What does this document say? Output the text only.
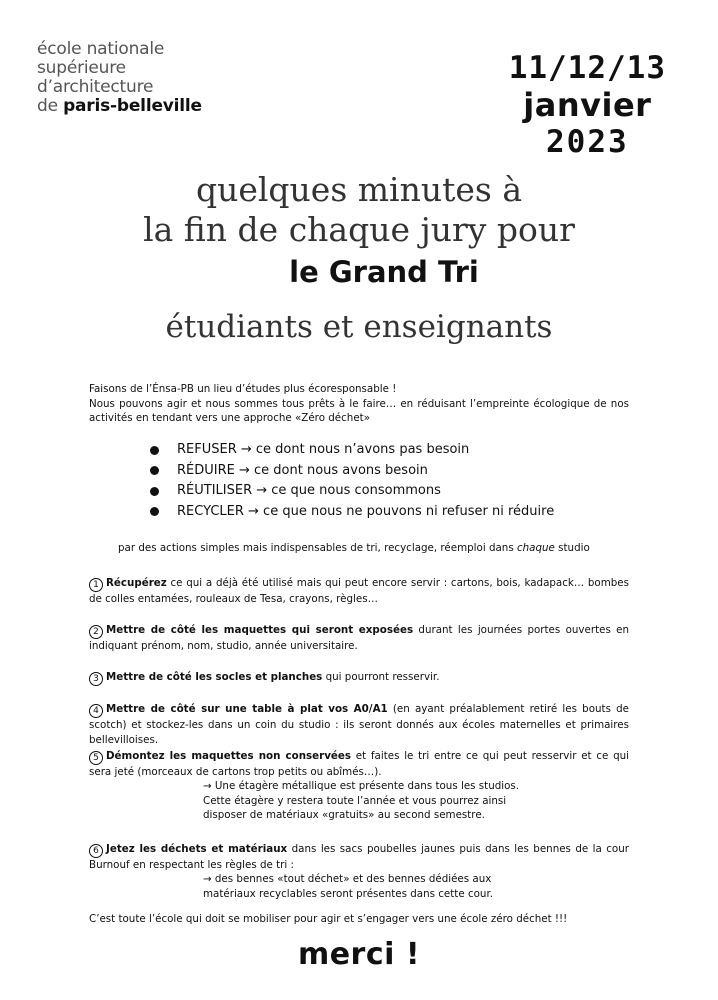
école nationale
supérieure
d’architecture
de paris-belleville
11/12/13
janvier
2023
quelques minutes à
la fin de chaque jury pour
le Grand Tri
étudiants et enseignants
Faisons de l’Énsa-PB un lieu d’études plus écoresponsable !
Nous pouvons agir et nous sommes tous prêts à le faire… en réduisant l’empreinte écologique de nos activités en tendant vers une approche «Zéro déchet»
REFUSER → ce dont nous n’avons pas besoin
RÉDUIRE → ce dont nous avons besoin
RÉUTILISER → ce que nous consommons
RECYCLER → ce que nous ne pouvons ni refuser ni réduire
par des actions simples mais indispensables de tri, recyclage, réemploi dans chaque studio
1 Récupérez ce qui a déjà été utilisé mais qui peut encore servir : cartons, bois, kadapack… bombes de colles entamées, rouleaux de Tesa, crayons, règles…
2 Mettre de côté les maquettes qui seront exposées durant les journées portes ouvertes en indiquant prénom, nom, studio, année universitaire.
3 Mettre de côté les socles et planches qui pourront resservir.
4 Mettre de côté sur une table à plat vos A0/A1 (en ayant préalablement retiré les bouts de scotch) et stockez-les dans un coin du studio : ils seront donnés aux écoles maternelles et primaires bellevilloises.
5 Démontez les maquettes non conservées et faites le tri entre ce qui peut resservir et ce qui sera jeté (morceaux de cartons trop petits ou abîmés…).
→ Une étagère métallique est présente dans tous les studios.
Cette étagère y restera toute l’année et vous pourrez ainsi
disposer de matériaux «gratuits» au second semestre.
6 Jetez les déchets et matériaux dans les sacs poubelles jaunes puis dans les bennes de la cour Burnouf en respectant les règles de tri :
→ des bennes «tout déchet» et des bennes dédiées aux
matériaux recyclables seront présentes dans cette cour.
C’est toute l’école qui doit se mobiliser pour agir et s’engager vers une école zéro déchet !!!
merci !
